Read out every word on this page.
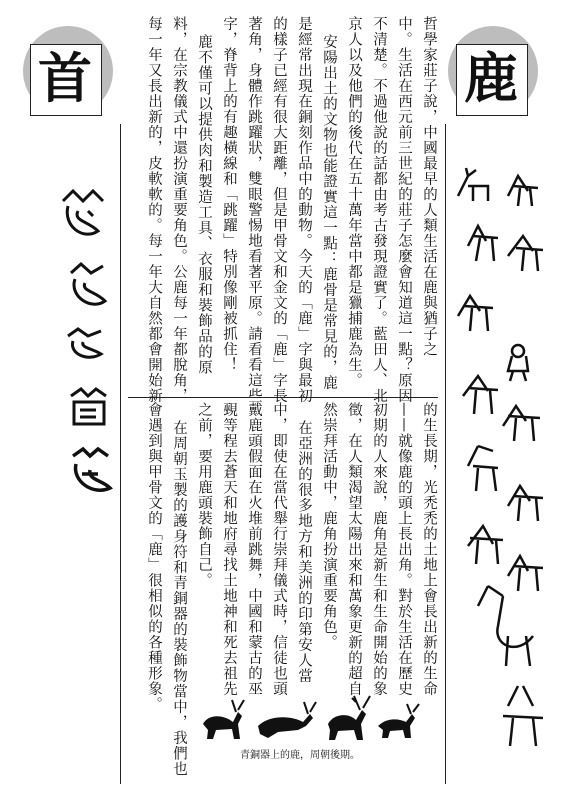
首	鹿
哲學家莊子說，中國最早的人類生活在鹿與猶子之
中。生活在西元前三世紀的莊子怎麼會知道這一點？原因
不清楚。不過他說的話都由考古發現證實了。藍田人、北
京人以及他們的後代在五十萬年當中都是獵捕鹿為生。
安陽出土的文物也能證實這一點：鹿骨是常見的，鹿
是經常出現在銅刻作品中的動物。今天的「鹿」字與最初
的樣子已經有很大距離，但是甲骨文和金文的「鹿」字長
著角，身體作跳躍狀，雙眼警惕地看著平原。請看看這些
字，脊背上的有趣橫線和「跳躍」特別像剛被抓住！
鹿不僅可以提供肉和製造工具、衣服和裝飾品的原
料，在宗教儀式中還扮演重要角色。公鹿每一年都脫角，
每一年又長出新的，皮軟軟的。每一年大自然都會開始新
的生長期，光禿禿的土地上會長出新的生命
——就像鹿的頭上長出角。對於生活在歷史
初期的人來說，鹿角是新生和生命開始的象
徵，在人類渴望太陽出來和萬象更新的超自
然崇拜活動中，鹿角扮演重要角色。
在亞洲的很多地方和美洲的印第安人當
中，即使在當代舉行崇拜儀式時，信徒也頭
戴鹿頭假面在火堆前跳舞，中國和蒙古的巫
覡等程去蒼天和地府尋找土地神和死去祖先
之前，要用鹿頭裝飾自己。
在周朝玉製的護身符和青銅器的裝飾物當中，我們也
會遇到與甲骨文的「鹿」很相似的各種形象。
青銅器上的鹿，周朝後期。
